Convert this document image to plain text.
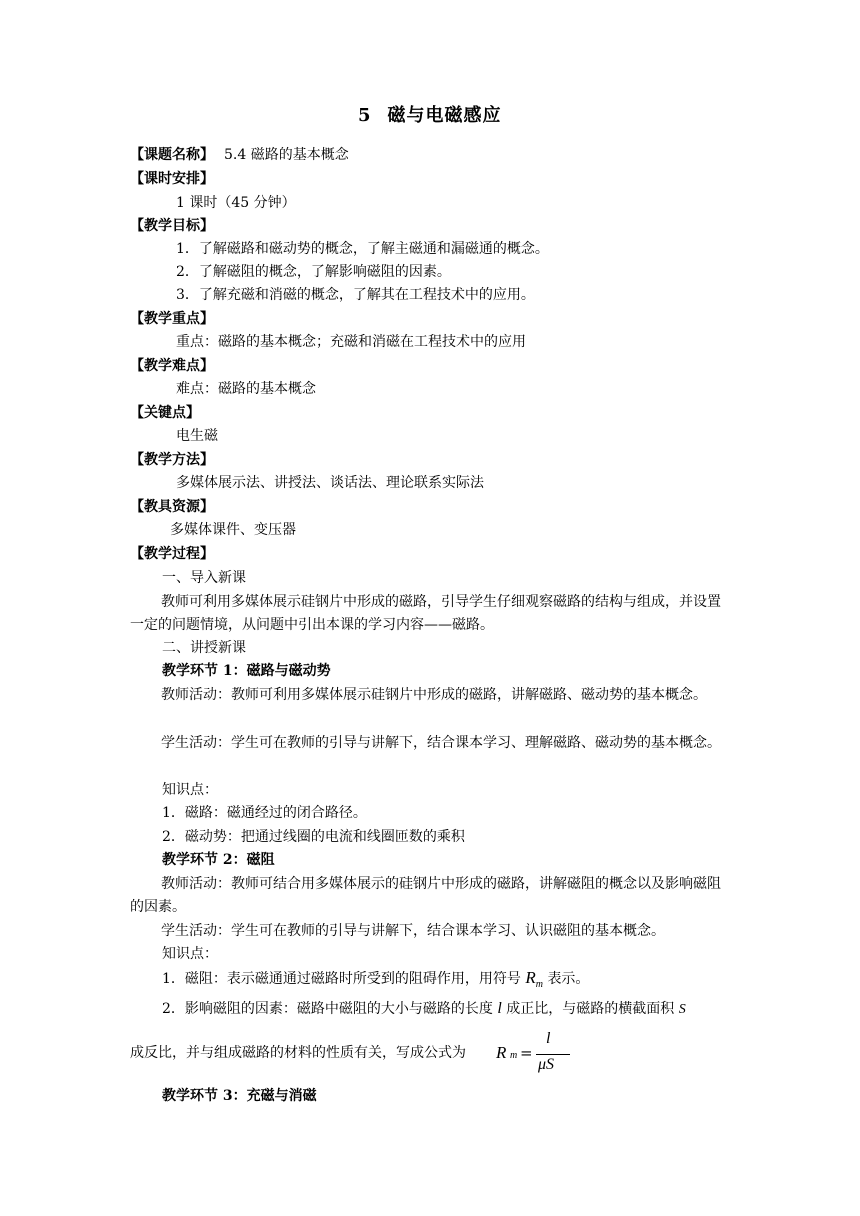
5 磁与电磁感应
【课题名称】 5.4 磁路的基本概念
【课时安排】
1 课时（45 分钟）
【教学目标】
1．了解磁路和磁动势的概念，了解主磁通和漏磁通的概念。
2．了解磁阻的概念，了解影响磁阻的因素。
3．了解充磁和消磁的概念，了解其在工程技术中的应用。
【教学重点】
重点：磁路的基本概念；充磁和消磁在工程技术中的应用
【教学难点】
难点：磁路的基本概念
【关键点】
电生磁
【教学方法】
多媒体展示法、讲授法、谈话法、理论联系实际法
【教具资源】
多媒体课件、变压器
【教学过程】
一、导入新课
教师可利用多媒体展示硅钢片中形成的磁路，引导学生仔细观察磁路的结构与组成，并设置一定的问题情境，从问题中引出本课的学习内容——磁路。
二、讲授新课
教学环节 1：磁路与磁动势
教师活动：教师可利用多媒体展示硅钢片中形成的磁路，讲解磁路、磁动势的基本概念。
学生活动：学生可在教师的引导与讲解下，结合课本学习、理解磁路、磁动势的基本概念。
知识点：
1．磁路：磁通经过的闭合路径。
2．磁动势：把通过线圈的电流和线圈匝数的乘积
教学环节 2：磁阻
教师活动：教师可结合用多媒体展示的硅钢片中形成的磁路，讲解磁阻的概念以及影响磁阻的因素。
学生活动：学生可在教师的引导与讲解下，结合课本学习、认识磁阻的基本概念。
知识点：
1．磁阻：表示磁通通过磁路时所受到的阻碍作用，用符号 $R_m$ 表示。
2．影响磁阻的因素：磁路中磁阻的大小与磁路的长度 l 成正比，与磁路的横截面积 S
成反比，并与组成磁路的材料的性质有关，写成公式为 R m =
l
μS
教学环节 3：充磁与消磁
